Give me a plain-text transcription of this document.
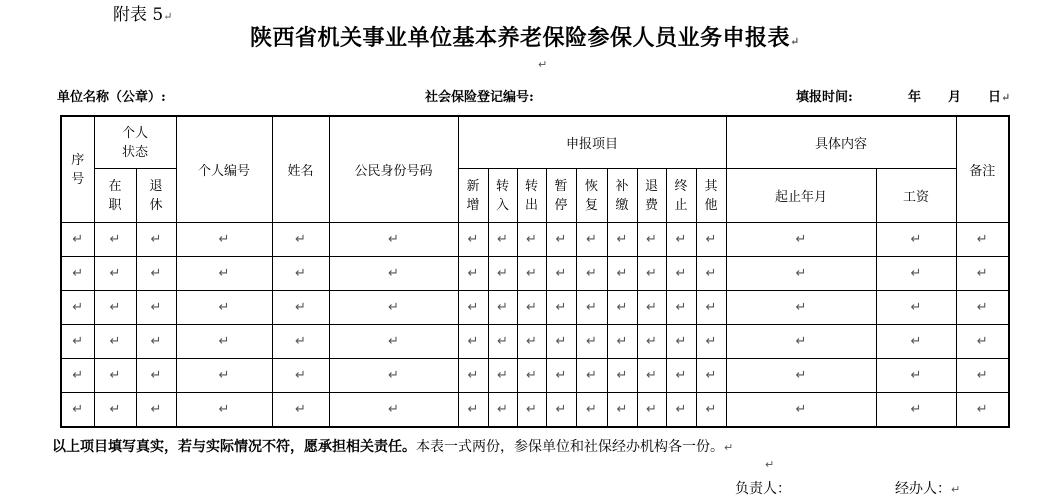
附表 5↵
陕西省机关事业单位基本养老保险参保人员业务申报表↵
↵
单位名称（公章）:	社会保险登记编号:	填报时间:	年 月 日↵
序号	个人状态		个人编号	姓名	公民身份号码	申报项目									具体内容		备注

	在职	退休				新增	转入	转出	暂停	恢复	补缴	退费	终止	其他	起止年月	工资	
↵	↵	↵	↵	↵	↵	↵	↵	↵	↵	↵	↵	↵	↵	↵	↵	↵	↵
↵	↵	↵	↵	↵	↵	↵	↵	↵	↵	↵	↵	↵	↵	↵	↵	↵	↵
↵	↵	↵	↵	↵	↵	↵	↵	↵	↵	↵	↵	↵	↵	↵	↵	↵	↵
↵	↵	↵	↵	↵	↵	↵	↵	↵	↵	↵	↵	↵	↵	↵	↵	↵	↵
↵	↵	↵	↵	↵	↵	↵	↵	↵	↵	↵	↵	↵	↵	↵	↵	↵	↵
↵	↵	↵	↵	↵	↵	↵	↵	↵	↵	↵	↵	↵	↵	↵	↵	↵	↵
以上项目填写真实，若与实际情况不符，愿承担相关责任。本表一式两份，参保单位和社保经办机构各一份。↵
↵
负责人：	经办人：↵
